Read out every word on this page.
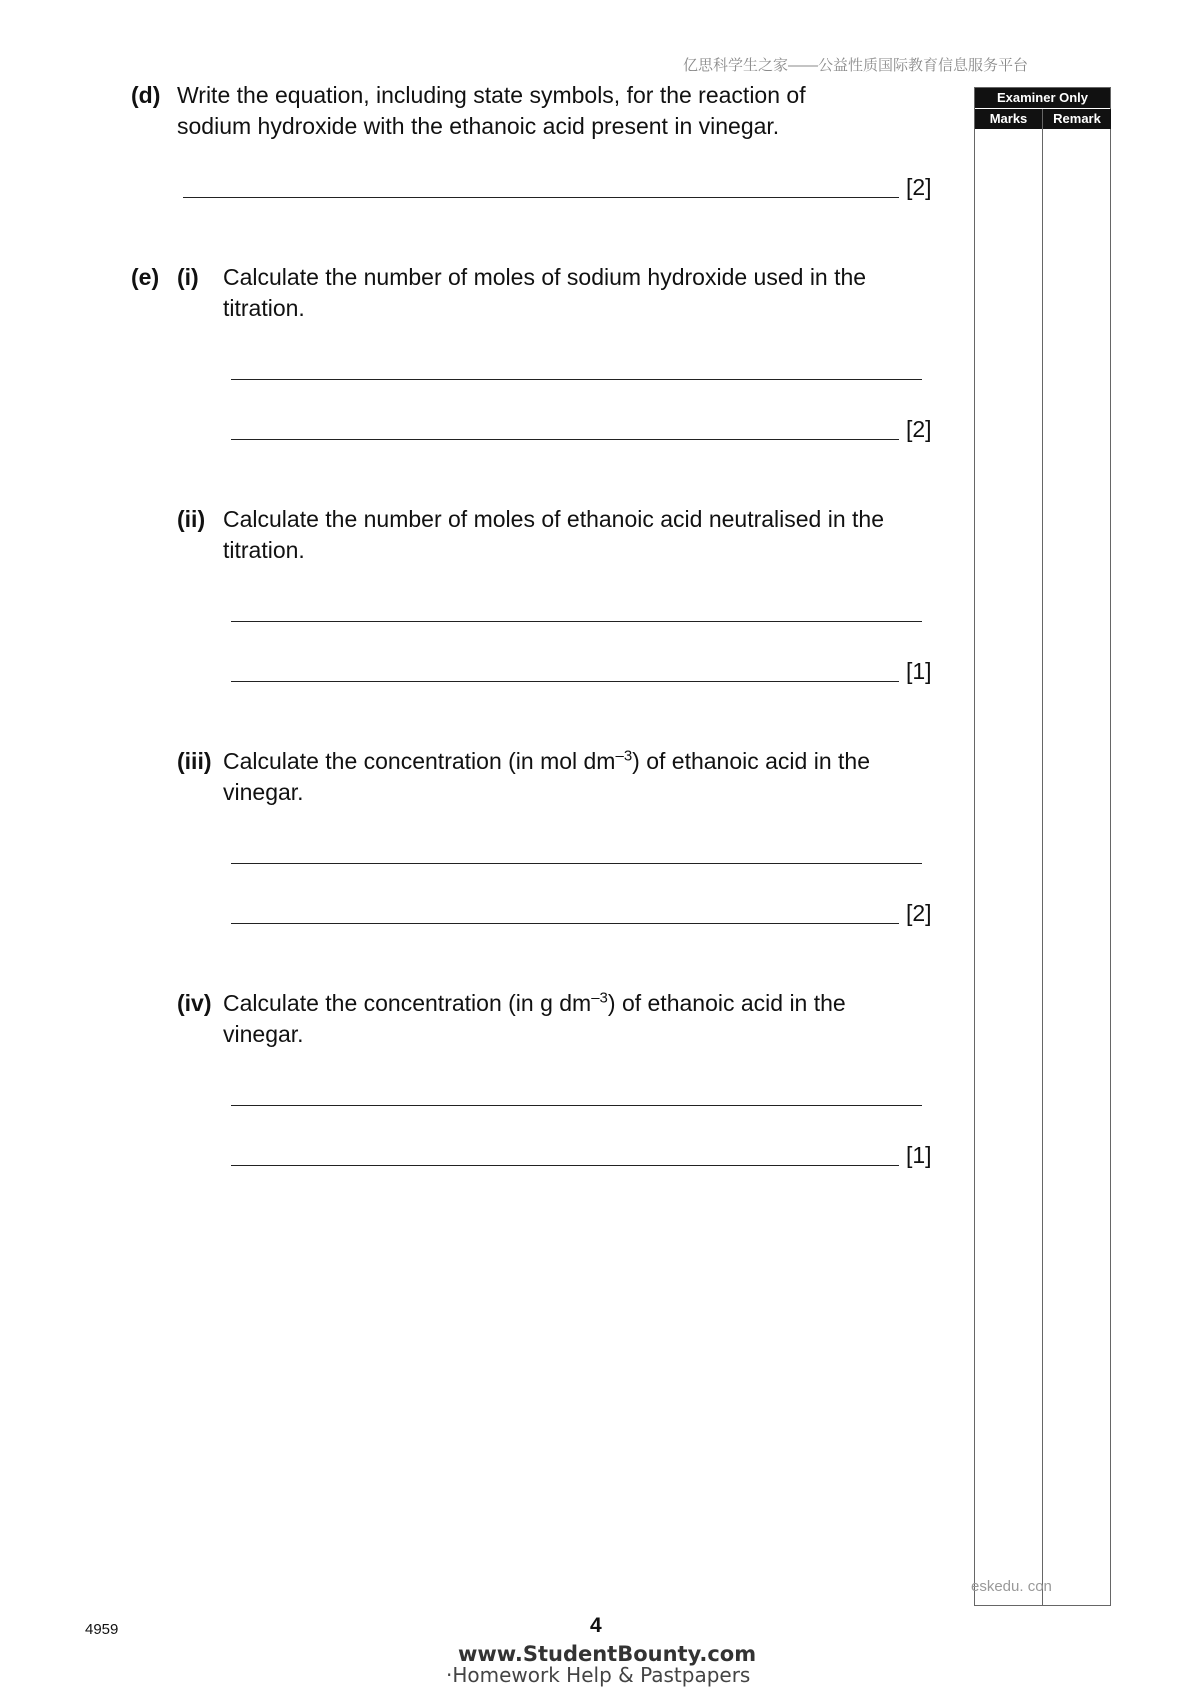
亿思科学生之家——公益性质国际教育信息服务平台
(d) Write the equation, including state symbols, for the reaction of
sodium hydroxide with the ethanoic acid present in vinegar.
[2]
(e) (i) Calculate the number of moles of sodium hydroxide used in the
titration.
[2]
(ii) Calculate the number of moles of ethanoic acid neutralised in the
titration.
[1]
(iii) Calculate the concentration (in mol $dm^{-3}$) of ethanoic acid in the
vinegar.
[2]
(iv) Calculate the concentration (in g $dm^{-3}$) of ethanoic acid in the
vinegar.
[1]
Examiner Only
Marks	Remark
eskedu. con
4959	4
www.StudentBounty.com
·Homework Help & Pastpapers
